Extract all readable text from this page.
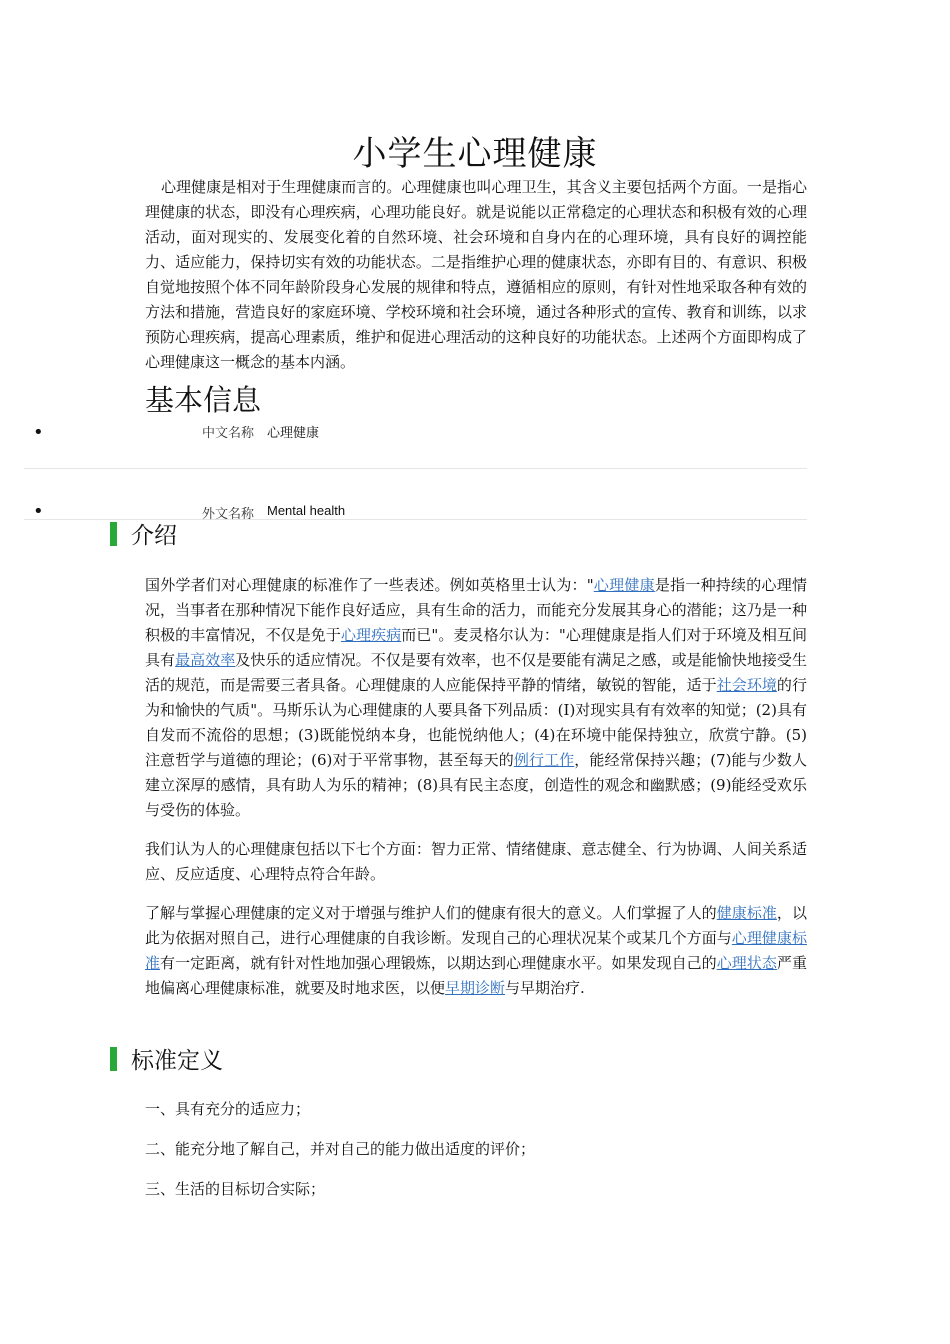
小学生心理健康

心理健康是相对于生理健康而言的。心理健康也叫心理卫生，其含义主要包括两个方面。一是指心理健康的状态，即没有心理疾病，心理功能良好。就是说能以正常稳定的心理状态和积极有效的心理活动，面对现实的、发展变化着的自然环境、社会环境和自身内在的心理环境，具有良好的调控能力、适应能力，保持切实有效的功能状态。二是指维护心理的健康状态，亦即有目的、有意识、积极自觉地按照个体不同年龄阶段身心发展的规律和特点，遵循相应的原则，有针对性地采取各种有效的方法和措施，营造良好的家庭环境、学校环境和社会环境，通过各种形式的宣传、教育和训练，以求预防心理疾病，提高心理素质，维护和促进心理活动的这种良好的功能状态。上述两个方面即构成了心理健康这一概念的基本内涵。

基本信息
•	中文名称 心理健康
•	外文名称 Mental health
介绍

国外学者们对心理健康的标准作了一些表述。例如英格里士认为："心理健康是指一种持续的心理情况，当事者在那种情况下能作良好适应，具有生命的活力，而能充分发展其身心的潜能；这乃是一种积极的丰富情况，不仅是免于心理疾病而已"。麦灵格尔认为："心理健康是指人们对于环境及相互间具有最高效率及快乐的适应情况。不仅是要有效率，也不仅是要能有满足之感，或是能愉快地接受生活的规范，而是需要三者具备。心理健康的人应能保持平静的情绪，敏锐的智能，适于社会环境的行为和愉快的气质"。马斯乐认为心理健康的人要具备下列品质：(Ⅰ)对现实具有有效率的知觉；(2)具有自发而不流俗的思想；(3)既能悦纳本身，也能悦纳他人；(4)在环境中能保持独立，欣赏宁静。(5)注意哲学与道德的理论；(6)对于平常事物，甚至每天的例行工作，能经常保持兴趣；(7)能与少数人建立深厚的感情，具有助人为乐的精神；(8)具有民主态度，创造性的观念和幽默感；(9)能经受欢乐与受伤的体验。

我们认为人的心理健康包括以下七个方面：智力正常、情绪健康、意志健全、行为协调、人间关系适应、反应适度、心理特点符合年龄。

了解与掌握心理健康的定义对于增强与维护人们的健康有很大的意义。人们掌握了人的健康标准，以此为依据对照自己，进行心理健康的自我诊断。发现自己的心理状况某个或某几个方面与心理健康标准有一定距离，就有针对性地加强心理锻炼，以期达到心理健康水平。如果发现自己的心理状态严重地偏离心理健康标准，就要及时地求医，以便早期诊断与早期治疗.

标准定义

一、具有充分的适应力；

二、能充分地了解自己，并对自己的能力做出适度的评价；

三、生活的目标切合实际；
